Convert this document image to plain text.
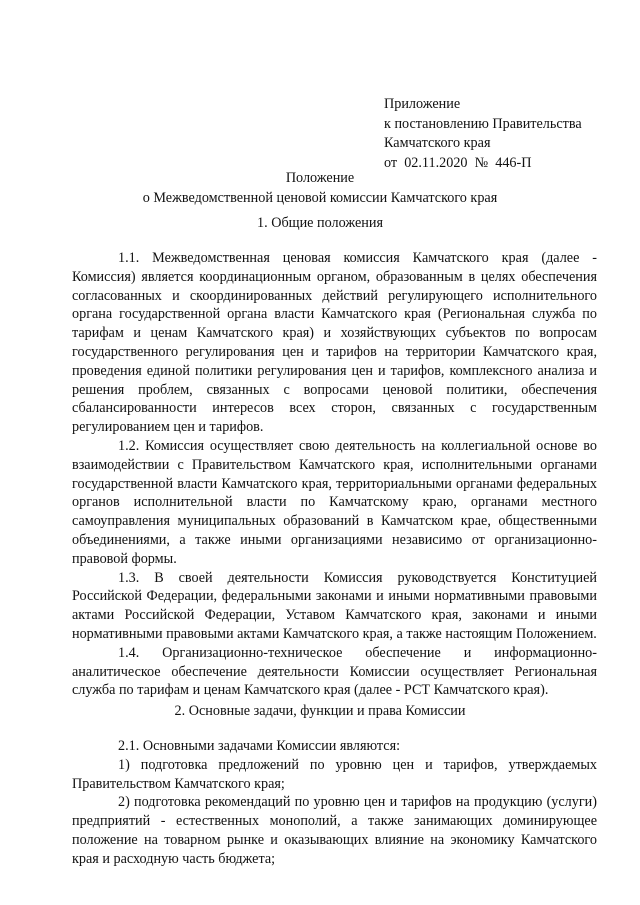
Приложение
к постановлению Правительства
Камчатского края
от  02.11.2020  №  446-П
Положение
о Межведомственной ценовой комиссии Камчатского края
1. Общие положения

1.1. Межведомственная ценовая комиссия Камчатского края (далее - Комиссия) является координационным органом, образованным в целях обеспечения согласованных и скоординированных действий регулирующего исполнительного органа государственной органа власти Камчатского края (Региональная служба по тарифам и ценам Камчатского края) и хозяйствующих субъектов по вопросам государственного регулирования цен и тарифов на территории Камчатского края, проведения единой политики регулирования цен и тарифов, комплексного анализа и решения проблем, связанных с вопросами ценовой политики, обеспечения сбалансированности интересов всех сторон, связанных с государственным регулированием цен и тарифов.

1.2. Комиссия осуществляет свою деятельность на коллегиальной основе во взаимодействии с Правительством Камчатского края, исполнительными органами государственной власти Камчатского края, территориальными органами федеральных органов исполнительной власти по Камчатскому краю, органами местного самоуправления муниципальных образований в Камчатском крае, общественными объединениями, а также иными организациями независимо от организационно-правовой формы.

1.3. В своей деятельности Комиссия руководствуется Конституцией Российской Федерации, федеральными законами и иными нормативными правовыми актами Российской Федерации, Уставом Камчатского края, законами и иными нормативными правовыми актами Камчатского края, а также настоящим Положением.

1.4. Организационно-техническое обеспечение и информационно-аналитическое обеспечение деятельности Комиссии осуществляет Региональная служба по тарифам и ценам Камчатского края (далее - РСТ Камчатского края).

2. Основные задачи, функции и права Комиссии

2.1. Основными задачами Комиссии являются:

1) подготовка предложений по уровню цен и тарифов, утверждаемых Правительством Камчатского края;

2) подготовка рекомендаций по уровню цен и тарифов на продукцию (услуги) предприятий - естественных монополий, а также занимающих доминирующее положение на товарном рынке и оказывающих влияние на экономику Камчатского края и расходную часть бюджета;
